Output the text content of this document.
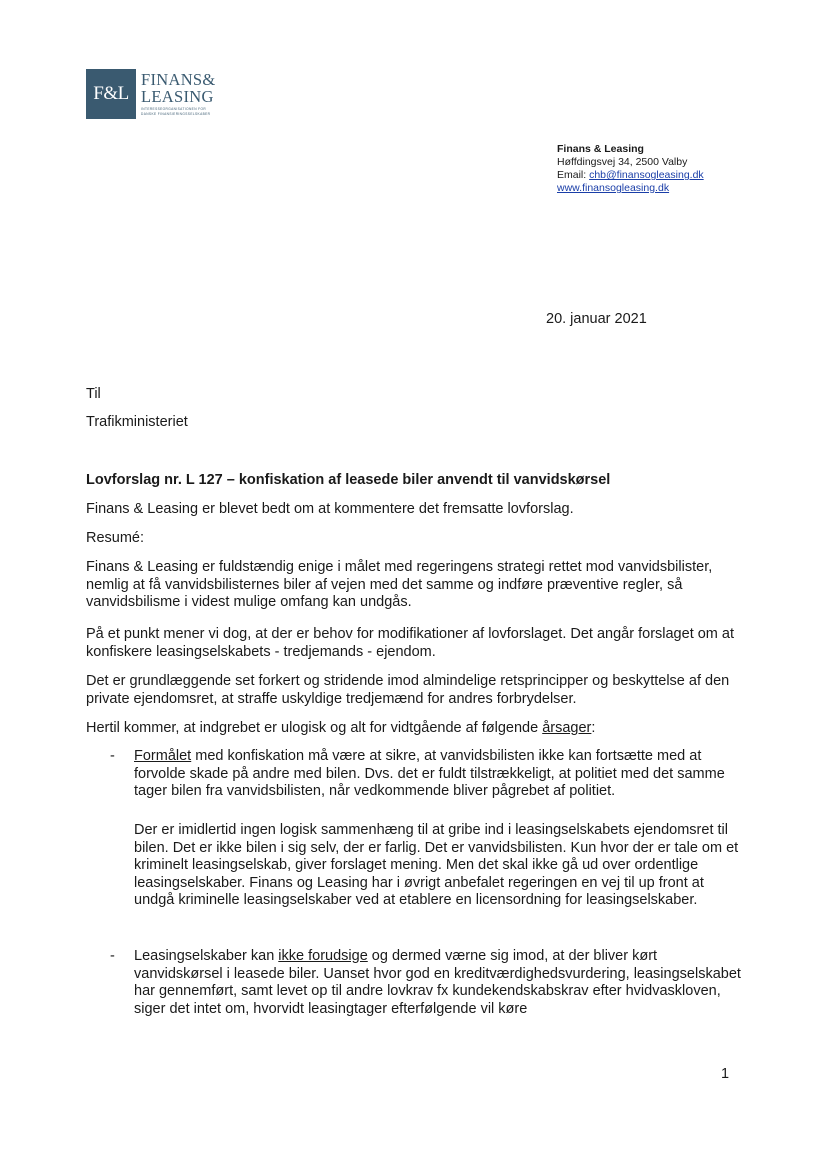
F&L
FINANS&
LEASING
INTERESSEORGANISATIONEN FOR
DANSKE FINANSIERINGSSELSKABER
Finans & Leasing
Høffdingsvej 34, 2500 Valby
Email: chb@finansogleasing.dk
www.finansogleasing.dk
20. januar 2021
Til
Trafikministeriet
Lovforslag nr. L 127 – konfiskation af leasede biler anvendt til vanvidskørsel
Finans & Leasing er blevet bedt om at kommentere det fremsatte lovforslag.
Resumé:
Finans & Leasing er fuldstændig enige i målet med regeringens strategi rettet mod vanvidsbilister, nemlig at få vanvidsbilisternes biler af vejen med det samme og indføre præventive regler, så vanvidsbilisme i videst mulige omfang kan undgås.
På et punkt mener vi dog, at der er behov for modifikationer af lovforslaget. Det angår forslaget om at konfiskere leasingselskabets - tredjemands - ejendom.
Det er grundlæggende set forkert og stridende imod almindelige retsprincipper og beskyttelse af den private ejendomsret, at straffe uskyldige tredjemænd for andres forbrydelser.
Hertil kommer, at indgrebet er ulogisk og alt for vidtgående af følgende årsager:
- Formålet med konfiskation må være at sikre, at vanvidsbilisten ikke kan fortsætte med at forvolde skade på andre med bilen. Dvs. det er fuldt tilstrækkeligt, at politiet med det samme tager bilen fra vanvidsbilisten, når vedkommende bliver pågrebet af politiet.
Der er imidlertid ingen logisk sammenhæng til at gribe ind i leasingselskabets ejendomsret til bilen. Det er ikke bilen i sig selv, der er farlig. Det er vanvidsbilisten. Kun hvor der er tale om et kriminelt leasingselskab, giver forslaget mening. Men det skal ikke gå ud over ordentlige leasingselskaber. Finans og Leasing har i øvrigt anbefalet regeringen en vej til up front at undgå kriminelle leasingselskaber ved at etablere en licensordning for leasingselskaber.
- Leasingselskaber kan ikke forudsige og dermed værne sig imod, at der bliver kørt vanvidskørsel i leasede biler. Uanset hvor god en kreditværdighedsvurdering, leasingselskabet har gennemført, samt levet op til andre lovkrav fx kundekendskabskrav efter hvidvaskloven, siger det intet om, hvorvidt leasingtager efterfølgende vil køre
1
